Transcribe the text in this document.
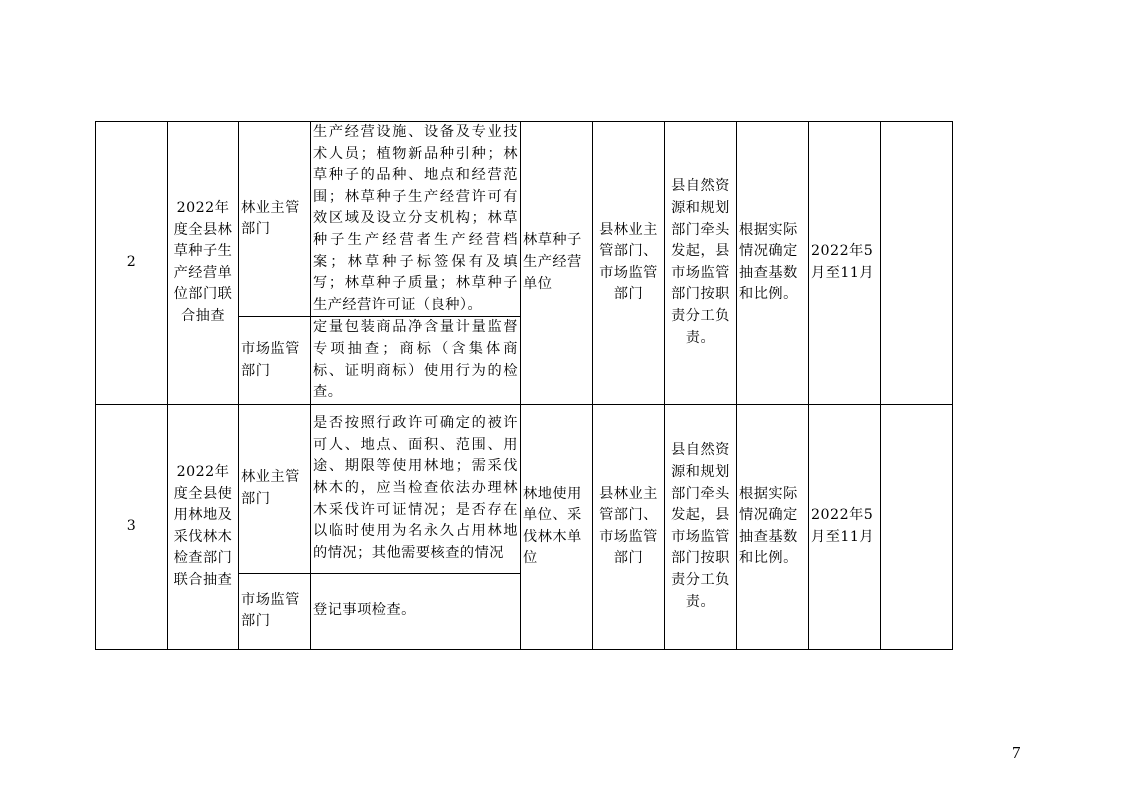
2	2022年度全县林草种子生产经营单位部门联合抽查	林业主管部门	生产经营设施、设备及专业技术人员；植物新品种引种；林草种子的品种、地点和经营范围；林草种子生产经营许可有效区域及设立分支机构；林草种子生产经营者生产经营档案；林草种子标签保有及填写；林草种子质量；林草种子生产经营许可证（良种）。	林草种子生产经营单位	县林业主管部门、市场监管部门	县自然资源和规划部门牵头发起，县市场监管部门按职责分工负责。	根据实际情况确定抽查基数和比例。	2022年5月至11月	
		市场监管部门	定量包装商品净含量计量监督专项抽查；商标（含集体商标、证明商标）使用行为的检查。						
3	2022年度全县使用林地及采伐林木检查部门联合抽查	林业主管部门	是否按照行政许可确定的被许可人、地点、面积、范围、用途、期限等使用林地；需采伐林木的，应当检查依法办理林木采伐许可证情况；是否存在以临时使用为名永久占用林地的情况；其他需要核查的情况	林地使用单位、采伐林木单位	县林业主管部门、市场监管部门	县自然资源和规划部门牵头发起，县市场监管部门按职责分工负责。	根据实际情况确定抽查基数和比例。	2022年5月至11月	
		市场监管部门	登记事项检查。						
7
